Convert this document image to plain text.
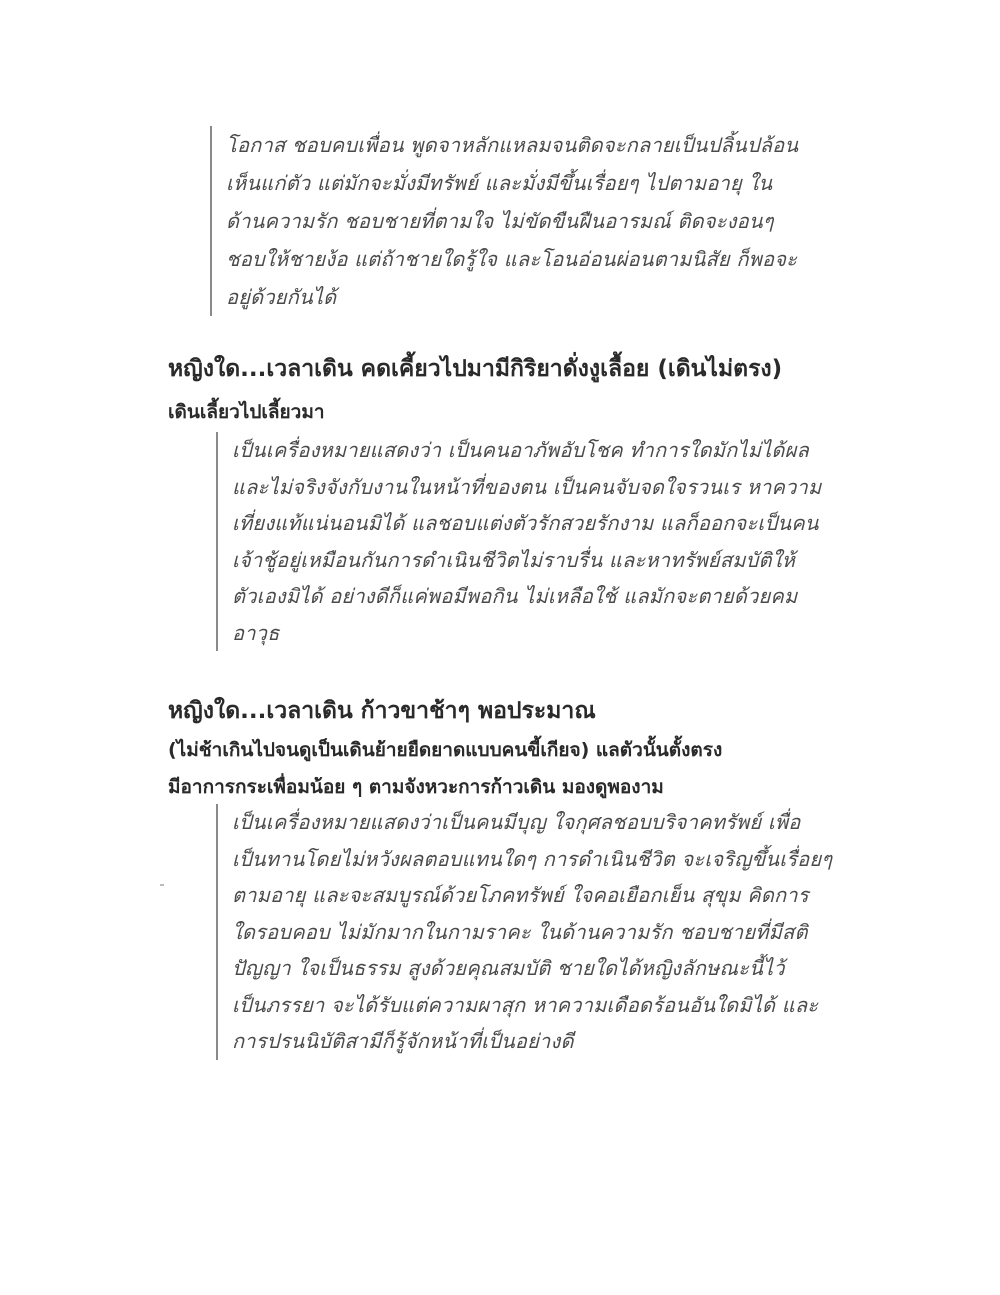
โอกาส ชอบคบเพื่อน พูดจาหลักแหลมจนติดจะกลายเป็นปลิ้นปล้อน
เห็นแก่ตัว แต่มักจะมั่งมีทรัพย์ และมั่งมีขึ้นเรื่อยๆ ไปตามอายุ ใน
ด้านความรัก ชอบชายที่ตามใจ ไม่ขัดขืนฝืนอารมณ์ ติดจะงอนๆ
ชอบให้ชายง้อ แต่ถ้าชายใดรู้ใจ และโอนอ่อนผ่อนตามนิสัย ก็พอจะ
อยู่ด้วยกันได้
หญิงใด...เวลาเดิน คดเคี้ยวไปมามีกิริยาดั่งงูเลื้อย (เดินไม่ตรง)
เดินเลี้ยวไปเลี้ยวมา
เป็นเครื่องหมายแสดงว่า เป็นคนอาภัพอับโชค ทำการใดมักไม่ได้ผล
และไม่จริงจังกับงานในหน้าที่ของตน เป็นคนจับจดใจรวนเร หาความ
เที่ยงแท้แน่นอนมิได้ แลชอบแต่งตัวรักสวยรักงาม แลก็ออกจะเป็นคน
เจ้าชู้อยู่เหมือนกันการดำเนินชีวิตไม่ราบรื่น และหาทรัพย์สมบัติให้
ตัวเองมิได้ อย่างดีก็แค่พอมีพอกิน ไม่เหลือใช้ แลมักจะตายด้วยคม
อาวุธ
หญิงใด...เวลาเดิน ก้าวขาช้าๆ พอประมาณ
(ไม่ช้าเกินไปจนดูเป็นเดินย้ายยืดยาดแบบคนขี้เกียจ) แลตัวนั้นตั้งตรง
มีอาการกระเพื่อมน้อย ๆ ตามจังหวะการก้าวเดิน มองดูพองาม
เป็นเครื่องหมายแสดงว่าเป็นคนมีบุญ ใจกุศลชอบบริจาคทรัพย์ เพื่อ
เป็นทานโดยไม่หวังผลตอบแทนใดๆ การดำเนินชีวิต จะเจริญขึ้นเรื่อยๆ
ตามอายุ และจะสมบูรณ์ด้วยโภคทรัพย์ ใจคอเยือกเย็น สุขุม คิดการ
ใดรอบคอบ ไม่มักมากในกามราคะ ในด้านความรัก ชอบชายที่มีสติ
ปัญญา ใจเป็นธรรม สูงด้วยคุณสมบัติ ชายใดได้หญิงลักษณะนี้ไว้
เป็นภรรยา จะได้รับแต่ความผาสุก หาความเดือดร้อนอันใดมิได้ และ
การปรนนิบัติสามีก็รู้จักหน้าที่เป็นอย่างดี
